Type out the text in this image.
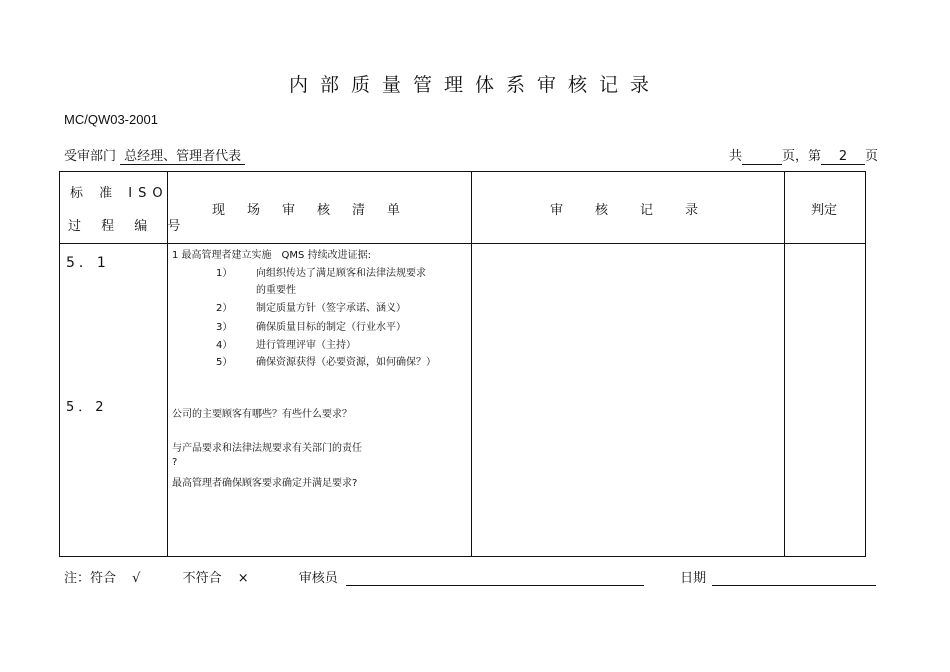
内部质量管理体系审核记录
MC/QW03-2001
受审部门 总经理、管理者代表	共	页，第 2 页
标 准 ISO
过 程 编 号
现场审核清单	审核记录	判定
5．1
5．2
1 最高管理者建立实施　QMS 持续改进证据:
1）	向组织传达了满足顾客和法律法规要求
的重要性
2）	制定质量方针（签字承诺、涵义）
3）	确保质量目标的制定（行业水平）
4）	进行管理评审（主持）
5）	确保资源获得（必要资源，如何确保？）
公司的主要顾客有哪些？有些什么要求？
与产品要求和法律法规要求有关部门的责任
?
最高管理者确保顾客要求确定并满足要求?
注：符合 √	不符合 ×	审核员	日期
